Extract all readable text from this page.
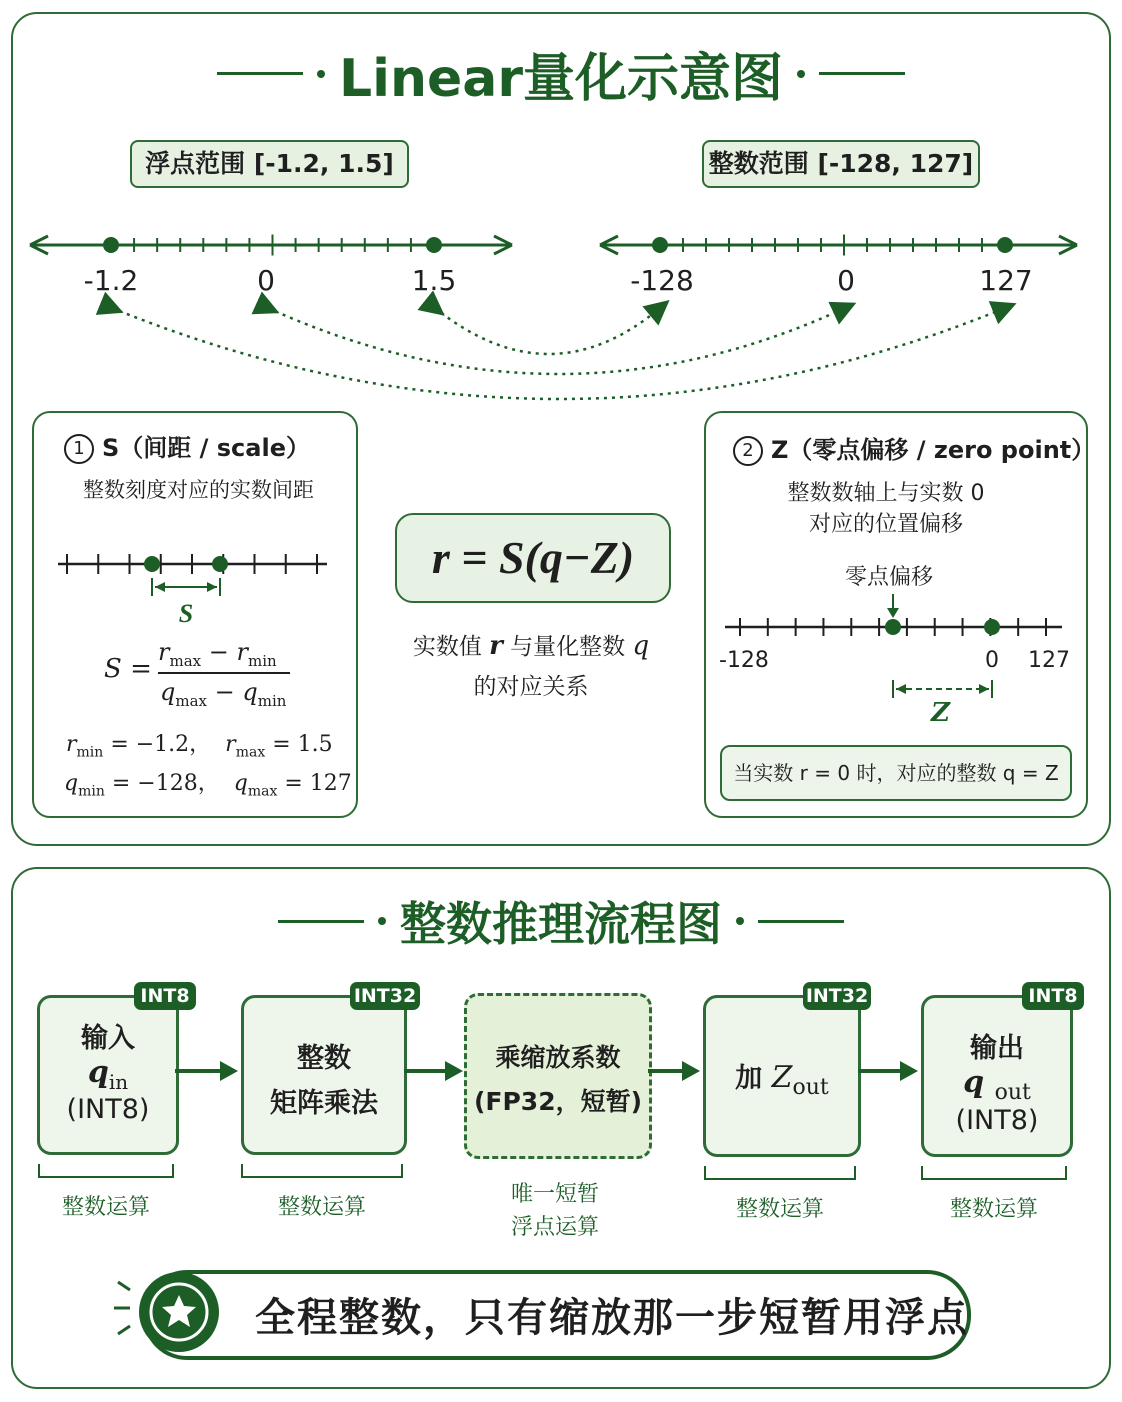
Linear量化示意图
浮点范围 [-1.2, 1.5]	整数范围 [-128, 127]
-1.2	0	1.5	-128	0	127
1 S（间距 / scale）
整数刻度对应的实数间距
S
S =
$r_{max} - r_{min}$
$q_{max} - q_{min}$
$r_{min} = -1.2$， $r_{max} = 1.5$
$q_{min} = -128$， $q_{max} = 127$
r = S(q−Z)
实数值 r 与量化整数 q
的对应关系
2 Z（零点偏移 / zero point）
整数数轴上与实数 0
对应的位置偏移
零点偏移
-128	0 127
Z
当实数 r = 0 时，对应的整数 q = Z
整数推理流程图
输入
$q_{in}$
(INT8)
INT8
整数
矩阵乘法
INT32
乘缩放系数
(FP32，短暂)
加 $Z_{out}$
INT32
输出
q $_{out}$
(INT8)
INT8
整数运算	整数运算
唯一短暂
浮点运算
整数运算	整数运算
全程整数，只有缩放那一步短暂用浮点
